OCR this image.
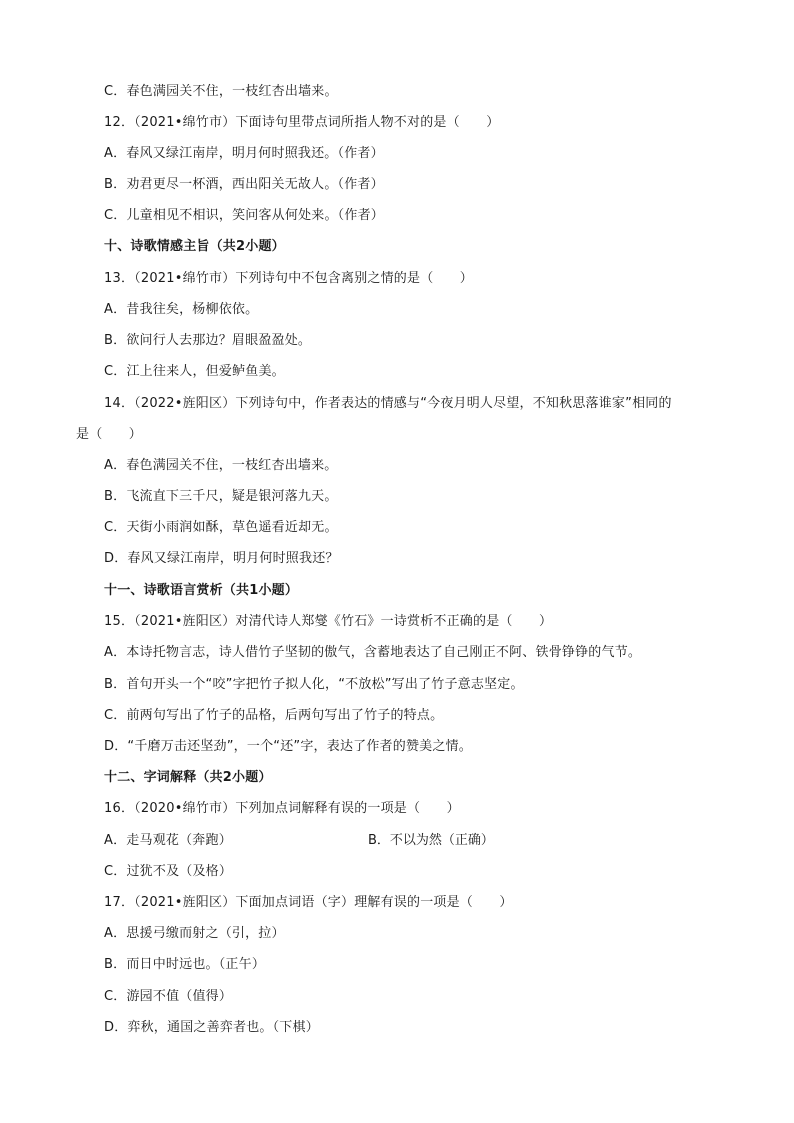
C．春色满园关不住，一枝红杏出墙来。
12．（2021•绵竹市）下面诗句里带点词所指人物不对的是（　　）
A．春风又绿江南岸，明月何时照我还。（作者）
B．劝君更尽一杯酒，西出阳关无故人。（作者）
C．儿童相见不相识，笑问客从何处来。（作者）
十、诗歌情感主旨（共2小题）
13．（2021•绵竹市）下列诗句中不包含离别之情的是（　　）
A．昔我往矣，杨柳依依。
B．欲问行人去那边？眉眼盈盈处。
C．江上往来人，但爱鲈鱼美。
14．（2022•旌阳区）下列诗句中，作者表达的情感与“今夜月明人尽望，不知秋思落谁家”相同的
是（　　）
A．春色满园关不住，一枝红杏出墙来。
B．飞流直下三千尺，疑是银河落九天。
C．天街小雨润如酥，草色遥看近却无。
D．春风又绿江南岸，明月何时照我还？
十一、诗歌语言赏析（共1小题）
15．（2021•旌阳区）对清代诗人郑燮《竹石》一诗赏析不正确的是（　　）
A．本诗托物言志，诗人借竹子坚韧的傲气，含蓄地表达了自己刚正不阿、铁骨铮铮的气节。
B．首句开头一个“咬”字把竹子拟人化，“不放松”写出了竹子意志坚定。
C．前两句写出了竹子的品格，后两句写出了竹子的特点。
D．“千磨万击还坚劲”，一个“还”字，表达了作者的赞美之情。
十二、字词解释（共2小题）
16．（2020•绵竹市）下列加点词解释有误的一项是（　　）
A．走马观花（奔跑）	B．不以为然（正确）
C．过犹不及（及格）
17．（2021•旌阳区）下面加点词语（字）理解有误的一项是（　　）
A．思援弓缴而射之（引，拉）
B．而日中时远也。（正午）
C．游园不值（值得）
D．弈秋，通国之善弈者也。（下棋）
